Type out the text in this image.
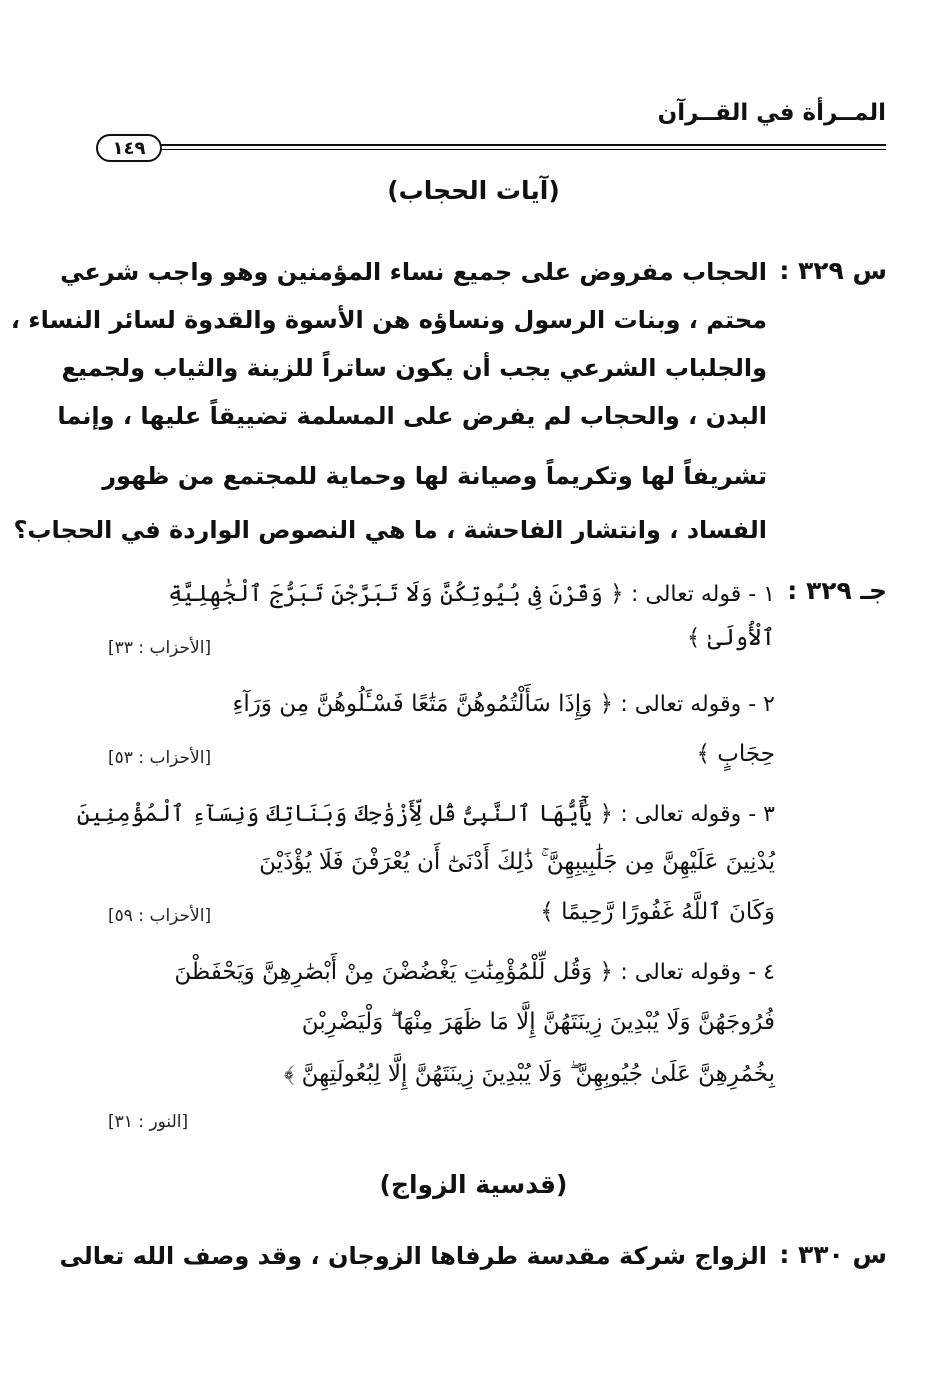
المــرأة في القــرآن
١٤٩
(آيات الحجاب)
س ٣٢٩ :
الحجاب مفروض على جميع نساء المؤمنين وهو واجب شرعي
محتم ، وبنات الرسول ونساؤه هن الأسوة والقدوة لسائر النساء ،
والجلباب الشرعي يجب أن يكون ساتراً للزينة والثياب ولجميع
البدن ، والحجاب لم يفرض على المسلمة تضييقاً عليها ، وإنما
تشريفاً لها وتكريماً وصيانة لها وحماية للمجتمع من ظهور
الفساد ، وانتشار الفاحشة ، ما هي النصوص الواردة في الحجاب؟
جـ ٣٢٩ :
١ - قوله تعالى : ﴿ وَقَرْنَ فِى بُيُوتِكُنَّ وَلَا تَبَرَّجْنَ تَبَرُّجَ ٱلْجَٰهِلِيَّةِ
ٱلْأُولَىٰ ﴾
[الأحزاب : ٣٣]
٢ - وقوله تعالى : ﴿ وَإِذَا سَأَلْتُمُوهُنَّ مَتَٰعًا فَسْـَٔلُوهُنَّ مِن وَرَآءِ
حِجَابٍ ﴾
[الأحزاب : ٥٣]
٣ - وقوله تعالى : ﴿ يَٰٓأَيُّهَا ٱلنَّبِىُّ قُل لِّأَزْوَٰجِكَ وَبَنَاتِكَ وَنِسَآءِ ٱلْمُؤْمِنِينَ
يُدْنِينَ عَلَيْهِنَّ مِن جَلَٰبِيبِهِنَّ ۚ ذَٰلِكَ أَدْنَىٰٓ أَن يُعْرَفْنَ فَلَا يُؤْذَيْنَ
وَكَانَ ٱللَّهُ غَفُورًا رَّحِيمًا ﴾
[الأحزاب : ٥٩]
٤ - وقوله تعالى : ﴿ وَقُل لِّلْمُؤْمِنَٰتِ يَغْضُضْنَ مِنْ أَبْصَٰرِهِنَّ وَيَحْفَظْنَ
فُرُوجَهُنَّ وَلَا يُبْدِينَ زِينَتَهُنَّ إِلَّا مَا ظَهَرَ مِنْهَا ۖ وَلْيَضْرِبْنَ
بِخُمُرِهِنَّ عَلَىٰ جُيُوبِهِنَّ ۖ وَلَا يُبْدِينَ زِينَتَهُنَّ إِلَّا لِبُعُولَتِهِنَّ ﴾
[النور : ٣١]
(قدسية الزواج)
س ٣٣٠ :
الزواج شركة مقدسة طرفاها الزوجان ، وقد وصف الله تعالى
